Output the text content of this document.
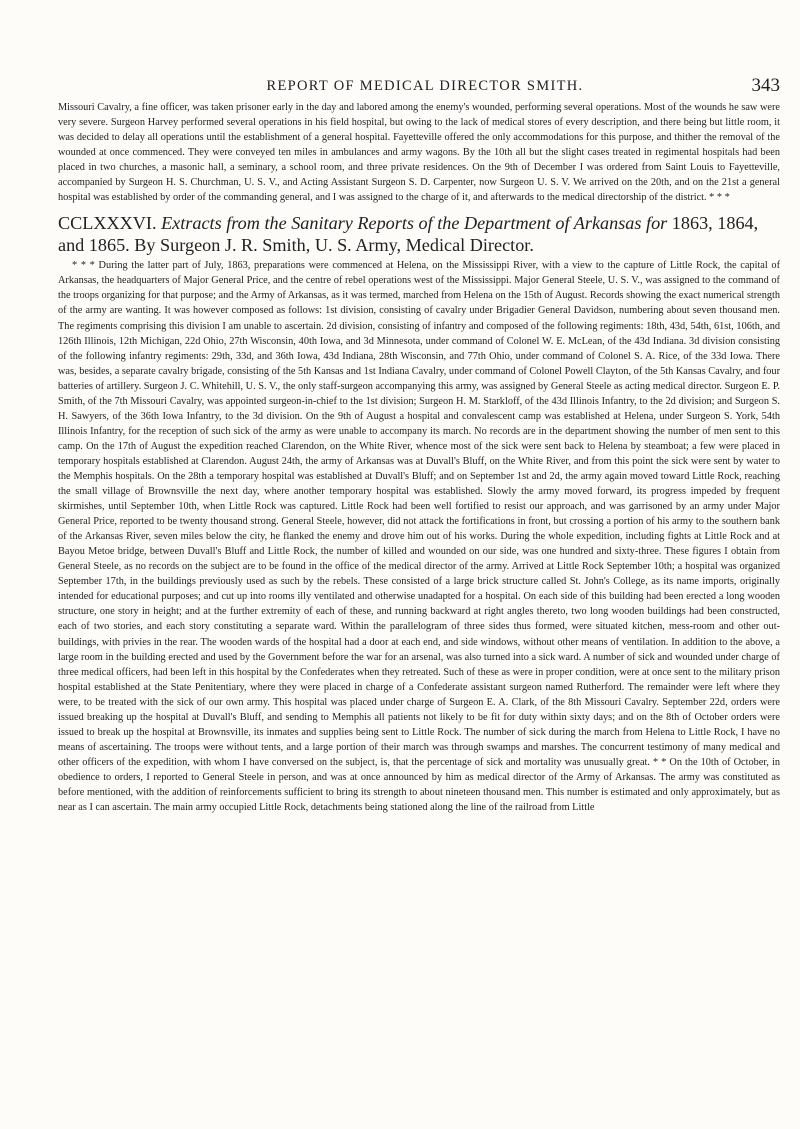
REPORT OF MEDICAL DIRECTOR SMITH.	343

Missouri Cavalry, a fine officer, was taken prisoner early in the day and labored among the enemy's wounded, performing several operations. Most of the wounds he saw were very severe. Surgeon Harvey performed several operations in his field hospital, but owing to the lack of medical stores of every description, and there being but little room, it was decided to delay all operations until the establishment of a general hospital. Fayetteville offered the only accommodations for this purpose, and thither the removal of the wounded at once commenced. They were conveyed ten miles in ambulances and army wagons. By the 10th all but the slight cases treated in regimental hospitals had been placed in two churches, a masonic hall, a seminary, a school room, and three private residences. On the 9th of December I was ordered from Saint Louis to Fayetteville, accompanied by Surgeon H. S. Churchman, U. S. V., and Acting Assistant Surgeon S. D. Carpenter, now Surgeon U. S. V. We arrived on the 20th, and on the 21st a general hospital was established by order of the commanding general, and I was assigned to the charge of it, and afterwards to the medical directorship of the district. * * *

CCLXXXVI. Extracts from the Sanitary Reports of the Department of Arkansas for 1863, 1864, and 1865. By Surgeon J. R. Smith, U. S. Army, Medical Director.

* * * During the latter part of July, 1863, preparations were commenced at Helena, on the Mississippi River, with a view to the capture of Little Rock, the capital of Arkansas, the headquarters of Major General Price, and the centre of rebel operations west of the Mississippi. Major General Steele, U. S. V., was assigned to the command of the troops organizing for that purpose; and the Army of Arkansas, as it was termed, marched from Helena on the 15th of August. Records showing the exact numerical strength of the army are wanting. It was however composed as follows: 1st division, consisting of cavalry under Brigadier General Davidson, numbering about seven thousand men. The regiments comprising this division I am unable to ascertain. 2d division, consisting of infantry and composed of the following regiments: 18th, 43d, 54th, 61st, 106th, and 126th Illinois, 12th Michigan, 22d Ohio, 27th Wisconsin, 40th Iowa, and 3d Minnesota, under command of Colonel W. E. McLean, of the 43d Indiana. 3d division consisting of the following infantry regiments: 29th, 33d, and 36th Iowa, 43d Indiana, 28th Wisconsin, and 77th Ohio, under command of Colonel S. A. Rice, of the 33d Iowa. There was, besides, a separate cavalry brigade, consisting of the 5th Kansas and 1st Indiana Cavalry, under command of Colonel Powell Clayton, of the 5th Kansas Cavalry, and four batteries of artillery. Surgeon J. C. Whitehill, U. S. V., the only staff-surgeon accompanying this army, was assigned by General Steele as acting medical director. Surgeon E. P. Smith, of the 7th Missouri Cavalry, was appointed surgeon-in-chief to the 1st division; Surgeon H. M. Starkloff, of the 43d Illinois Infantry, to the 2d division; and Surgeon S. H. Sawyers, of the 36th Iowa Infantry, to the 3d division. On the 9th of August a hospital and convalescent camp was established at Helena, under Surgeon S. York, 54th Illinois Infantry, for the reception of such sick of the army as were unable to accompany its march. No records are in the department showing the number of men sent to this camp. On the 17th of August the expedition reached Clarendon, on the White River, whence most of the sick were sent back to Helena by steamboat; a few were placed in temporary hospitals established at Clarendon. August 24th, the army of Arkansas was at Duvall's Bluff, on the White River, and from this point the sick were sent by water to the Memphis hospitals. On the 28th a temporary hospital was established at Duvall's Bluff; and on September 1st and 2d, the army again moved toward Little Rock, reaching the small village of Brownsville the next day, where another temporary hospital was established. Slowly the army moved forward, its progress impeded by frequent skirmishes, until September 10th, when Little Rock was captured. Little Rock had been well fortified to resist our approach, and was garrisoned by an army under Major General Price, reported to be twenty thousand strong. General Steele, however, did not attack the fortifications in front, but crossing a portion of his army to the southern bank of the Arkansas River, seven miles below the city, he flanked the enemy and drove him out of his works. During the whole expedition, including fights at Little Rock and at Bayou Metoe bridge, between Duvall's Bluff and Little Rock, the number of killed and wounded on our side, was one hundred and sixty-three. These figures I obtain from General Steele, as no records on the subject are to be found in the office of the medical director of the army. Arrived at Little Rock September 10th; a hospital was organized September 17th, in the buildings previously used as such by the rebels. These consisted of a large brick structure called St. John's College, as its name imports, originally intended for educational purposes; and cut up into rooms illy ventilated and otherwise unadapted for a hospital. On each side of this building had been erected a long wooden structure, one story in height; and at the further extremity of each of these, and running backward at right angles thereto, two long wooden buildings had been constructed, each of two stories, and each story constituting a separate ward. Within the parallelogram of three sides thus formed, were situated kitchen, mess-room and other out-buildings, with privies in the rear. The wooden wards of the hospital had a door at each end, and side windows, without other means of ventilation. In addition to the above, a large room in the building erected and used by the Government before the war for an arsenal, was also turned into a sick ward. A number of sick and wounded under charge of three medical officers, had been left in this hospital by the Confederates when they retreated. Such of these as were in proper condition, were at once sent to the military prison hospital established at the State Penitentiary, where they were placed in charge of a Confederate assistant surgeon named Rutherford. The remainder were left where they were, to be treated with the sick of our own army. This hospital was placed under charge of Surgeon E. A. Clark, of the 8th Missouri Cavalry. September 22d, orders were issued breaking up the hospital at Duvall's Bluff, and sending to Memphis all patients not likely to be fit for duty within sixty days; and on the 8th of October orders were issued to break up the hospital at Brownsville, its inmates and supplies being sent to Little Rock. The number of sick during the march from Helena to Little Rock, I have no means of ascertaining. The troops were without tents, and a large portion of their march was through swamps and marshes. The concurrent testimony of many medical and other officers of the expedition, with whom I have conversed on the subject, is, that the percentage of sick and mortality was unusually great. * * On the 10th of October, in obedience to orders, I reported to General Steele in person, and was at once announced by him as medical director of the Army of Arkansas. The army was constituted as before mentioned, with the addition of reinforcements sufficient to bring its strength to about nineteen thousand men. This number is estimated and only approximately, but as near as I can ascertain. The main army occupied Little Rock, detachments being stationed along the line of the railroad from Little
